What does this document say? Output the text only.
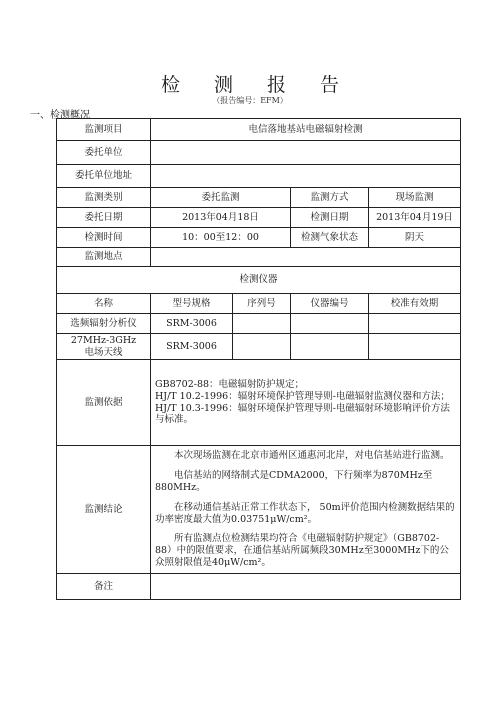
检 测 报 告
（报告编号：EFM）
一、检测概况
监测项目	电信落地基站电磁辐射检测			
委托单位				
委托单位地址				
监测类别	委托监测		监测方式	现场监测
委托日期	2013年04月18日		检测日期	2013年04月19日
检测时间	10：00至12：00		检测气象状态	阴天
监测地点				
检测仪器				
名称	型号规格	序列号	仪器编号	校准有效期
选频辐射分析仪	SRM-3006			
27MHz-3GHz
电场天线	SRM-3006			
监测依据	GB8702-88：电磁辐射防护规定；

HJ/T 10.2-1996：辐射环境保护管理导则-电磁辐射监测仪器和方法；

HJ/T 10.3-1996：辐射环境保护管理导则-电磁辐射环境影响评价方法与标准。			

监测结论	本次现场监测在北京市通州区通惠河北岸，对电信基站进行监测。

电信基站的网络制式是CDMA2000，下行频率为870MHz至880MHz。

在移动通信基站正常工作状态下， 50m评价范围内检测数据结果的功率密度最大值为0.03751μW/cm²。

所有监测点位检测结果均符合《电磁辐射防护规定》（GB8702-88）中的限值要求，在通信基站所属频段30MHz至3000MHz下的公众照射限值是40μW/cm²。			

备注				
